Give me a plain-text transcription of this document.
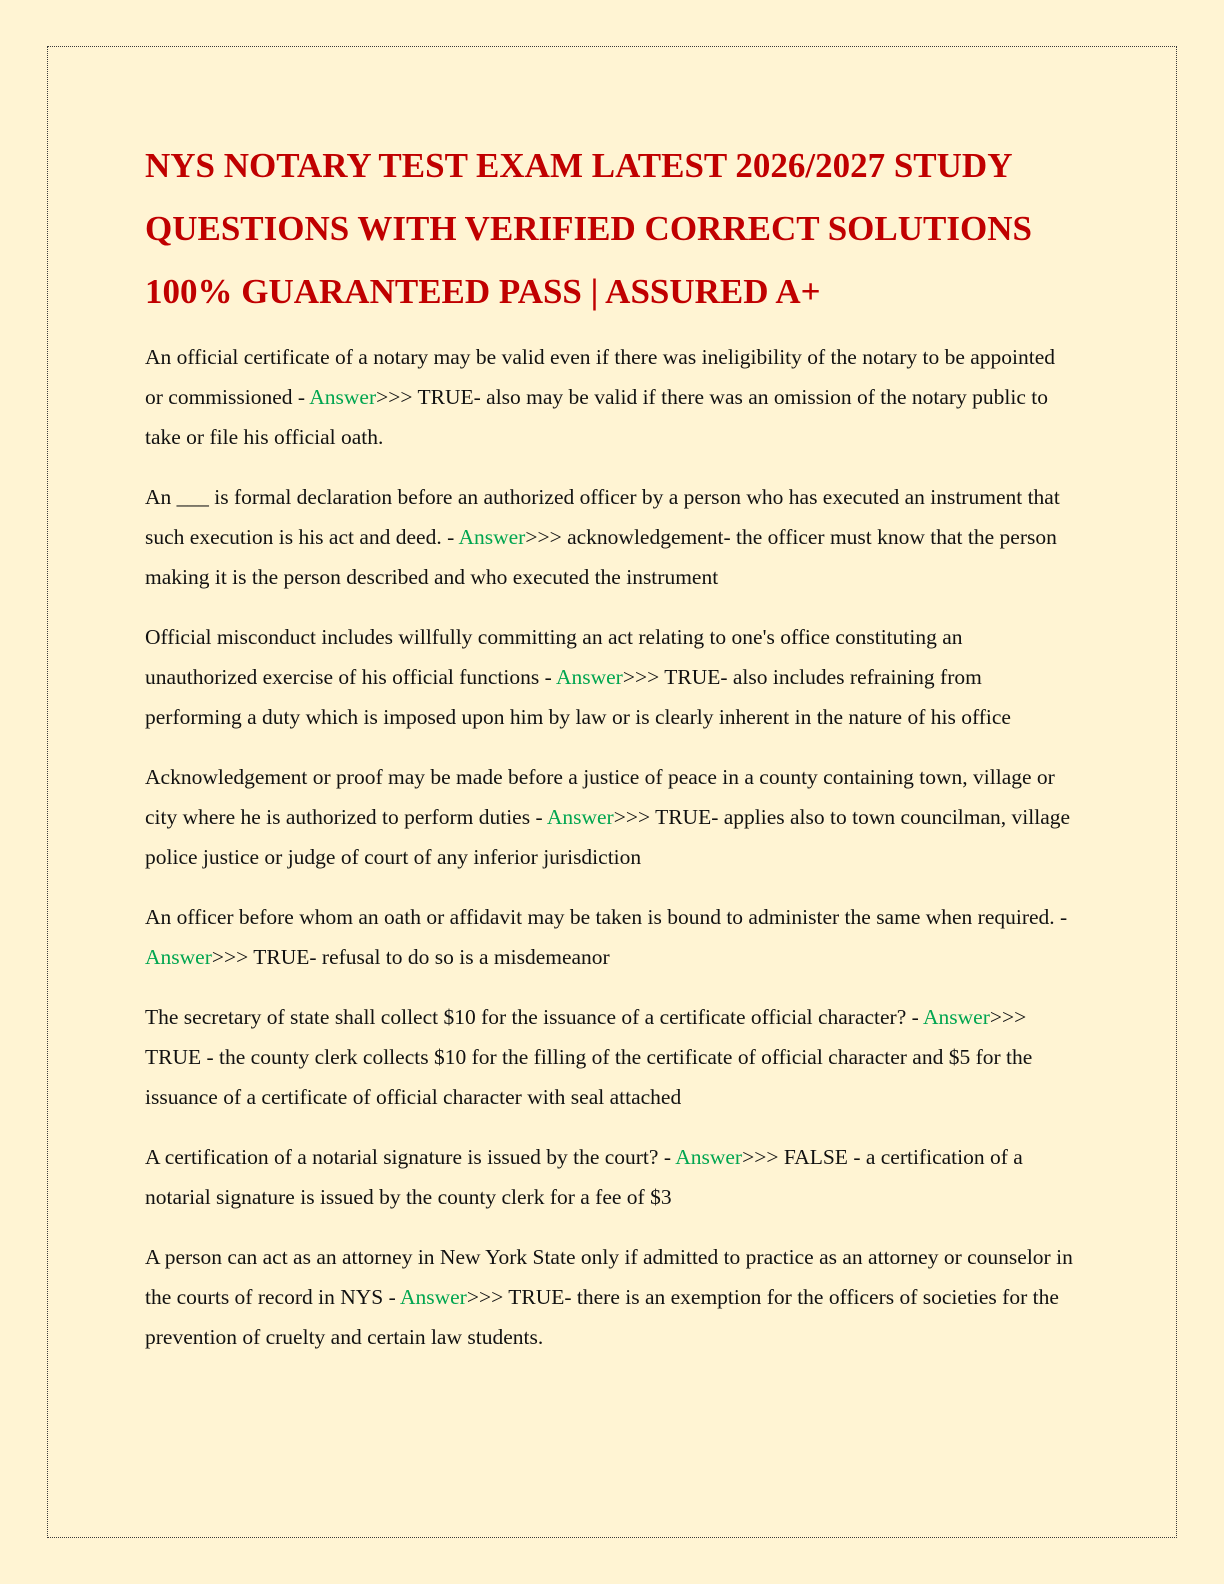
NYS NOTARY TEST EXAM LATEST 2026/2027 STUDY QUESTIONS WITH VERIFIED CORRECT SOLUTIONS 100% GUARANTEED PASS | ASSURED A+

An official certificate of a notary may be valid even if there was ineligibility of the notary to be appointed or commissioned - Answer>>> TRUE- also may be valid if there was an omission of the notary public to take or file his official oath.

An ___ is formal declaration before an authorized officer by a person who has executed an instrument that such execution is his act and deed. - Answer>>> acknowledgement- the officer must know that the person making it is the person described and who executed the instrument

Official misconduct includes willfully committing an act relating to one's office constituting an unauthorized exercise of his official functions - Answer>>> TRUE- also includes refraining from performing a duty which is imposed upon him by law or is clearly inherent in the nature of his office

Acknowledgement or proof may be made before a justice of peace in a county containing town, village or city where he is authorized to perform duties - Answer>>> TRUE- applies also to town councilman, village police justice or judge of court of any inferior jurisdiction

An officer before whom an oath or affidavit may be taken is bound to administer the same when required. - Answer>>> TRUE- refusal to do so is a misdemeanor

The secretary of state shall collect $10 for the issuance of a certificate official character? - Answer>>> TRUE - the county clerk collects $10 for the filling of the certificate of official character and $5 for the issuance of a certificate of official character with seal attached

A certification of a notarial signature is issued by the court? - Answer>>> FALSE - a certification of a notarial signature is issued by the county clerk for a fee of $3

A person can act as an attorney in New York State only if admitted to practice as an attorney or counselor in the courts of record in NYS - Answer>>> TRUE- there is an exemption for the officers of societies for the prevention of cruelty and certain law students.
